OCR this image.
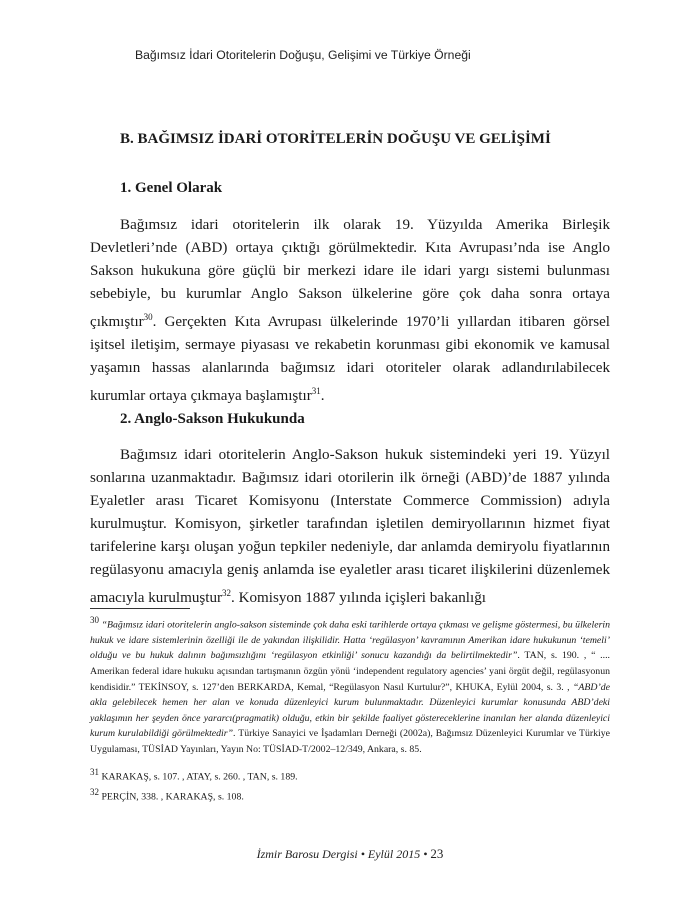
Bağımsız İdari Otoritelerin Doğuşu, Gelişimi ve Türkiye Örneği
B. BAĞIMSIZ İDARİ OTORİTELERİN DOĞUŞU VE GELİŞİMİ
1. Genel Olarak
Bağımsız idari otoritelerin ilk olarak 19. Yüzyılda Amerika Birleşik Devletleri’nde (ABD) ortaya çıktığı görülmektedir. Kıta Avrupası’nda ise Anglo Sakson hukukuna göre güçlü bir merkezi idare ile idari yargı sistemi bulunması sebebiyle, bu kurumlar Anglo Sakson ülkelerine göre çok daha sonra ortaya çıkmıştır$^{30}$. Gerçekten Kıta Avrupası ülkelerinde 1970’li yıllardan itibaren görsel işitsel iletişim, sermaye piyasası ve rekabetin korunması gibi ekonomik ve kamusal yaşamın hassas alanlarında bağımsız idari otoriteler olarak adlandırılabilecek kurumlar ortaya çıkmaya başlamıştır$^{31}$.
2. Anglo-Sakson Hukukunda
Bağımsız idari otoritelerin Anglo-Sakson hukuk sistemindeki yeri 19. Yüzyıl sonlarına uzanmaktadır. Bağımsız idari otorilerin ilk örneği (ABD)’de 1887 yılında Eyaletler arası Ticaret Komisyonu (Interstate Commerce Commission) adıyla kurulmuştur. Komisyon, şirketler tarafından işletilen demiryollarının hizmet fiyat tarifelerine karşı oluşan yoğun tepkiler nedeniyle, dar anlamda demiryolu fiyatlarının regülasyonu amacıyla geniş anlamda ise eyaletler arası ticaret ilişkilerini düzenlemek amacıyla kurulmuştur$^{32}$. Komisyon 1887 yılında içişleri bakanlığı
$^{30}$ “Bağımsız idari otoritelerin anglo-sakson sisteminde çok daha eski tarihlerde ortaya çıkması ve gelişme göstermesi, bu ülkelerin hukuk ve idare sistemlerinin özelliği ile de yakından ilişkilidir. Hatta ‘regülasyon’ kavramının Amerikan idare hukukunun ‘temeli’ olduğu ve bu hukuk dalının bağımsızlığını ‘regülasyon etkinliği’ sonucu kazandığı da belirtilmektedir”. TAN, s. 190. , “ .... Amerikan federal idare hukuku açısından tartışmanın özgün yönü ‘independent regulatory agencies’ yani örgüt değil, regülasyonun kendisidir.” TEKİNSOY, s. 127’den BERKARDA, Kemal, “Regülasyon Nasıl Kurtulur?”, KHUKA, Eylül 2004, s. 3. , “ABD’de akla gelebilecek hemen her alan ve konuda düzenleyici kurum bulunmaktadır. Düzenleyici kurumlar konusunda ABD’deki yaklaşımın her şeyden önce yararcı(pragmatik) olduğu, etkin bir şekilde faaliyet göstereceklerine inanılan her alanda düzenleyici kurum kurulabildiği görülmektedir”. Türkiye Sanayici ve İşadamları Derneği (2002a), Bağımsız Düzenleyici Kurumlar ve Türkiye Uygulaması, TÜSİAD Yayınları, Yayın No: TÜSİAD-T/2002–12/349, Ankara, s. 85.
$^{31}$ KARAKAŞ, s. 107. , ATAY, s. 260. , TAN, s. 189.
$^{32}$ PERÇİN, 338. , KARAKAŞ, s. 108.
İzmir Barosu Dergisi • Eylül 2015 • 23
